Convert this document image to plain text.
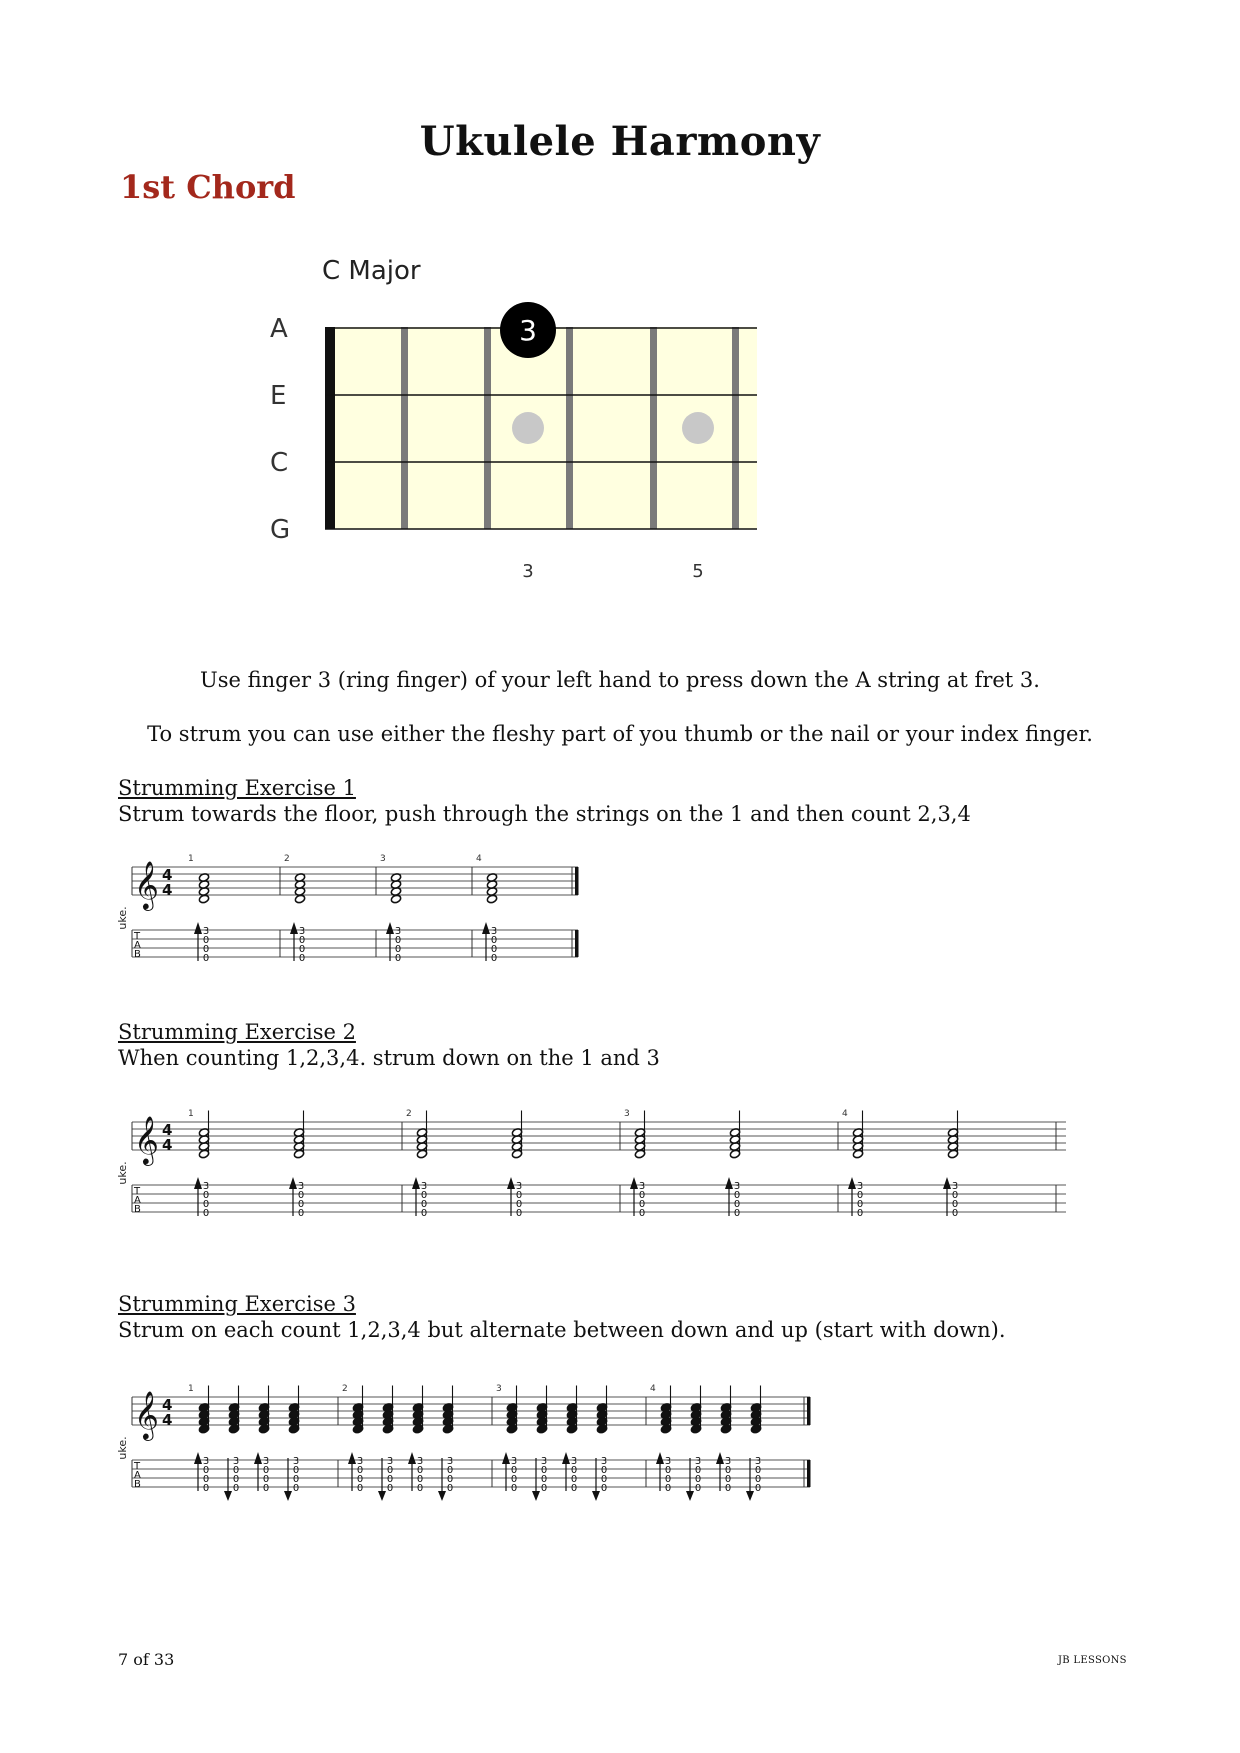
Ukulele Harmony
1st Chord
C Major
A
E
C
G
3
3	5
Use finger 3 (ring finger) of your left hand to press down the A string at fret 3.
To strum you can use either the fleshy part of you thumb or the nail or your index finger.
Strumming Exercise 1
Strum towards the floor, push through the strings on the 1 and then count 2,3,4
uke.
𝄞 4
4
T
A
B
1
3
0
0
0
2
3
0
0
0
3
3
0
0
0
4
3
0
0
0
Strumming Exercise 2
When counting 1,2,3,4. strum down on the 1 and 3
uke.
𝄞 4
4
T
A
B
1
3
0
0
0
3
0
0
0
2
3
0
0
0
3
0
0
0
3
3
0
0
0
3
0
0
0
4
3
0
0
0
3
0
0
0
Strumming Exercise 3
Strum on each count 1,2,3,4 but alternate between down and up (start with down).
uke.
𝄞 4
4
T
A
B
1
3
0
0
0
3
0
0
0
3
0
0
0
3
0
0
0
2
3
0
0
0
3
0
0
0
3
0
0
0
3
0
0
0
3
3
0
0
0
3
0
0
0
3
0
0
0
3
0
0
0
4
3
0
0
0
3
0
0
0
3
0
0
0
3
0
0
0
7 of 33	JB LESSONS
